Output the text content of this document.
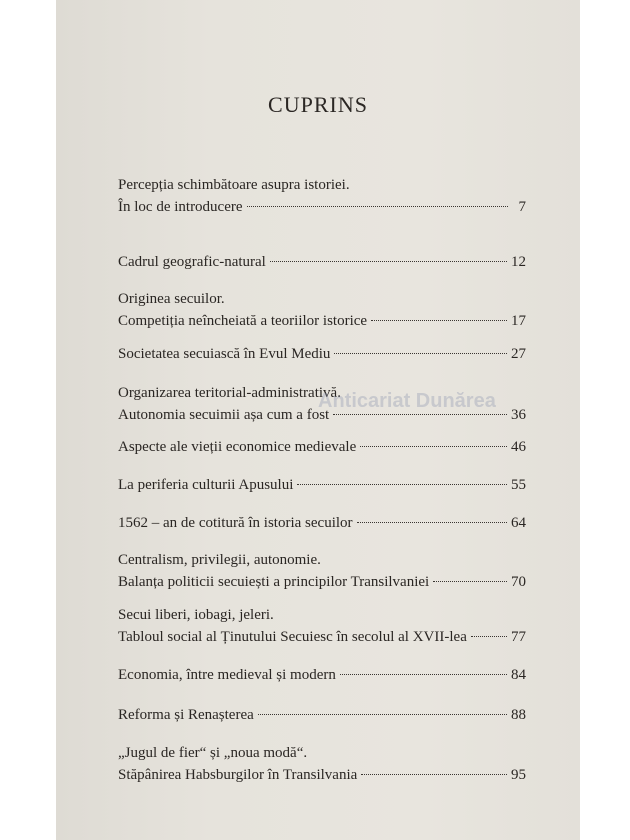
CUPRINS
Percepția schimbătoare asupra istoriei.
În loc de introducere	7
Cadrul geografic-natural	12
Originea secuilor.
Competiția neîncheiată a teoriilor istorice	17
Societatea secuiască în Evul Mediu	27
Organizarea teritorial-administrativă.
Autonomia secuimii așa cum a fost	36
Aspecte ale vieții economice medievale	46
La periferia culturii Apusului	55
1562 – an de cotitură în istoria secuilor	64
Centralism, privilegii, autonomie.
Balanța politicii secuiești a principilor Transilvaniei	70
Secui liberi, iobagi, jeleri.
Tabloul social al Ținutului Secuiesc în secolul al XVII-lea	77
Economia, între medieval și modern	84
Reforma și Renașterea	88
„Jugul de fier“ și „noua modă“.
Stăpânirea Habsburgilor în Transilvania	95
Anticariat Dunărea
